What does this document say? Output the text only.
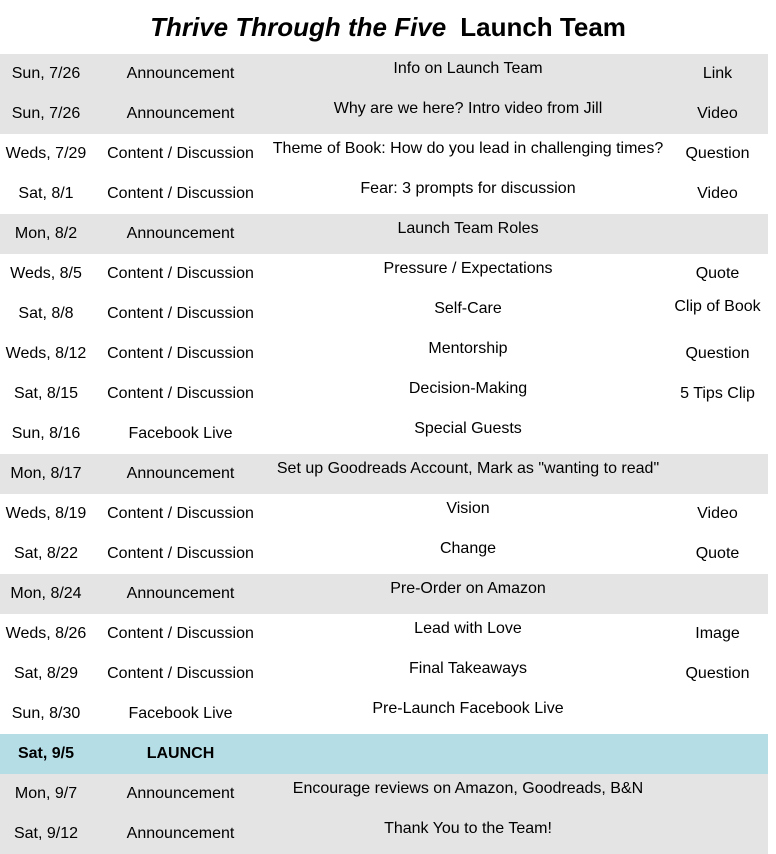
Thrive Through the Five Launch Team
Sun, 7/26	Announcement	Info on Launch Team	Link
Sun, 7/26	Announcement	Why are we here? Intro video from Jill	Video
Weds, 7/29	Content / Discussion	Theme of Book: How do you lead in challenging times?	Question
Sat, 8/1	Content / Discussion	Fear: 3 prompts for discussion	Video
Mon, 8/2	Announcement	Launch Team Roles	
Weds, 8/5	Content / Discussion	Pressure / Expectations	Quote
Sat, 8/8	Content / Discussion	Self-Care	Clip of Book
Weds, 8/12	Content / Discussion	Mentorship	Question
Sat, 8/15	Content / Discussion	Decision-Making	5 Tips Clip
Sun, 8/16	Facebook Live	Special Guests	
Mon, 8/17	Announcement	Set up Goodreads Account, Mark as "wanting to read"	
Weds, 8/19	Content / Discussion	Vision	Video
Sat, 8/22	Content / Discussion	Change	Quote
Mon, 8/24	Announcement	Pre-Order on Amazon	
Weds, 8/26	Content / Discussion	Lead with Love	Image
Sat, 8/29	Content / Discussion	Final Takeaways	Question
Sun, 8/30	Facebook Live	Pre-Launch Facebook Live	
Sat, 9/5	LAUNCH		
Mon, 9/7	Announcement	Encourage reviews on Amazon, Goodreads, B&N	
Sat, 9/12	Announcement	Thank You to the Team!	
